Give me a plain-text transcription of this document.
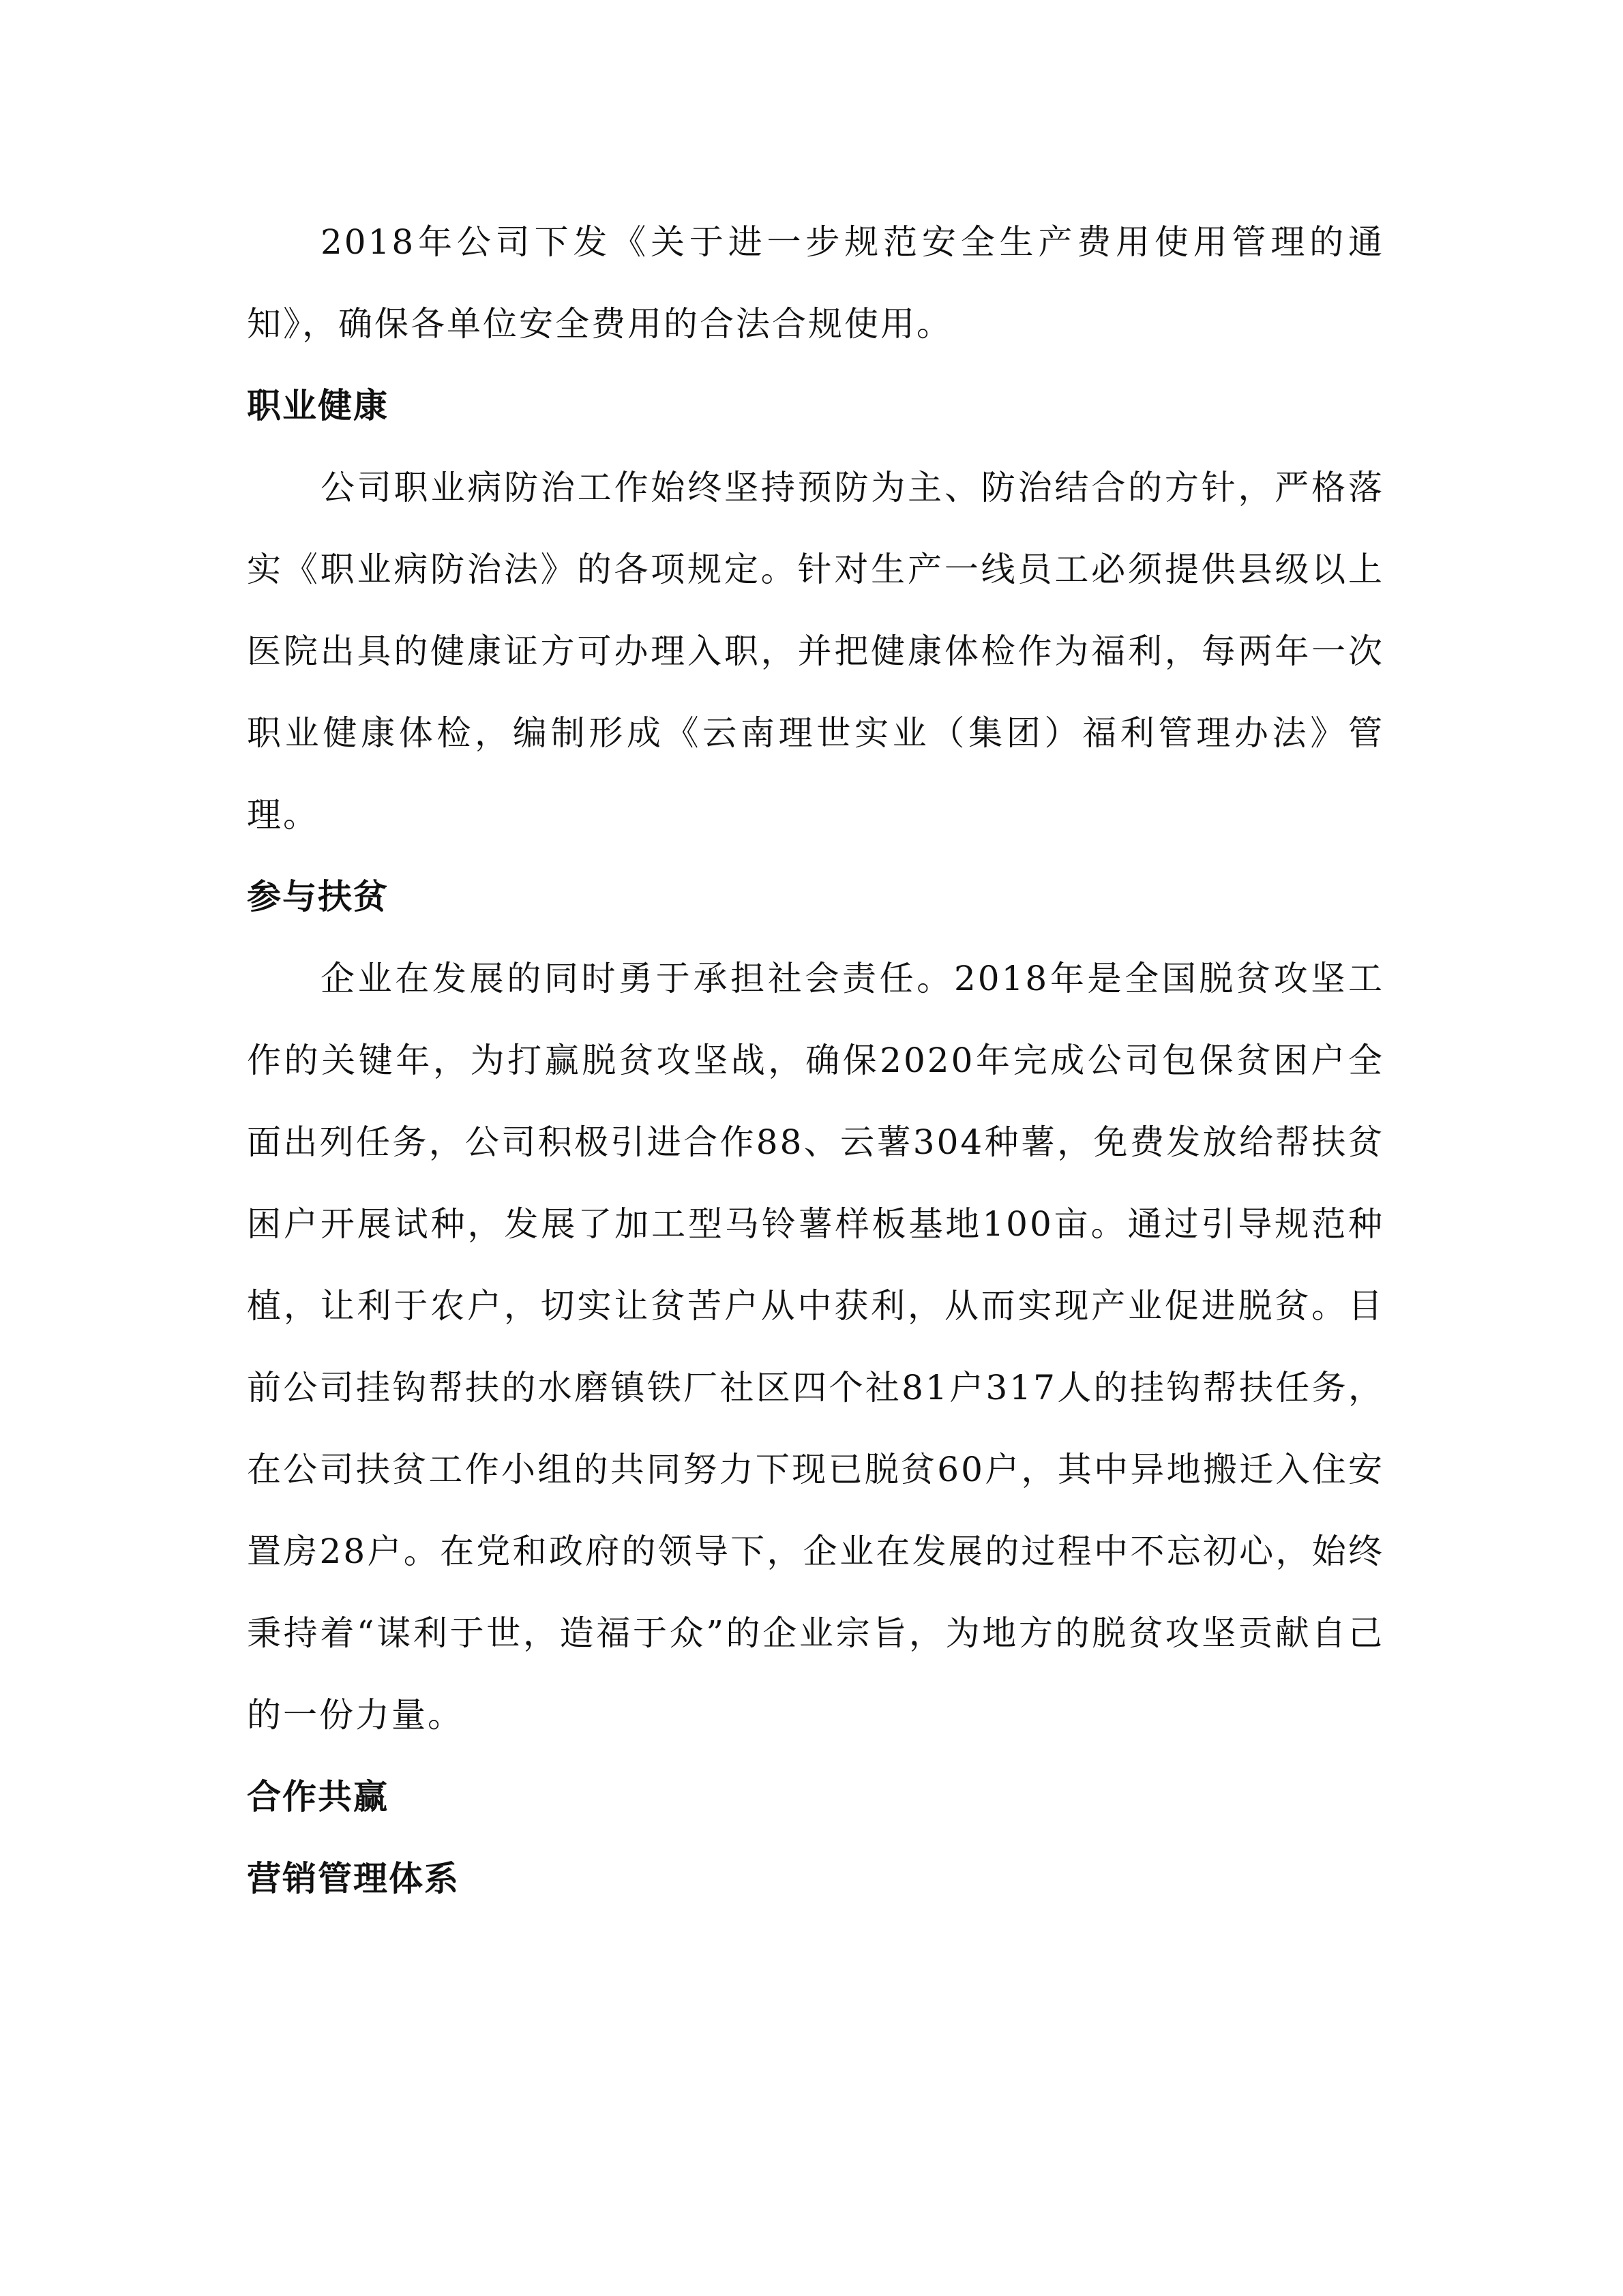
2018年公司下发《关于进一步规范安全生产费用使用管理的通知》，确保各单位安全费用的合法合规使用。

职业健康

公司职业病防治工作始终坚持预防为主、防治结合的方针，严格落实《职业病防治法》的各项规定。针对生产一线员工必须提供县级以上医院出具的健康证方可办理入职，并把健康体检作为福利，每两年一次职业健康体检，编制形成《云南理世实业（集团）福利管理办法》管理。

参与扶贫

企业在发展的同时勇于承担社会责任。2018年是全国脱贫攻坚工作的关键年，为打赢脱贫攻坚战，确保2020年完成公司包保贫困户全面出列任务，公司积极引进合作88、云薯304种薯，免费发放给帮扶贫困户开展试种，发展了加工型马铃薯样板基地100亩。通过引导规范种植，让利于农户，切实让贫苦户从中获利，从而实现产业促进脱贫。目前公司挂钩帮扶的水磨镇铁厂社区四个社81户317人的挂钩帮扶任务，在公司扶贫工作小组的共同努力下现已脱贫60户，其中异地搬迁入住安置房28户。在党和政府的领导下，企业在发展的过程中不忘初心，始终秉持着“谋利于世，造福于众”的企业宗旨，为地方的脱贫攻坚贡献自己的一份力量。

合作共赢
营销管理体系
